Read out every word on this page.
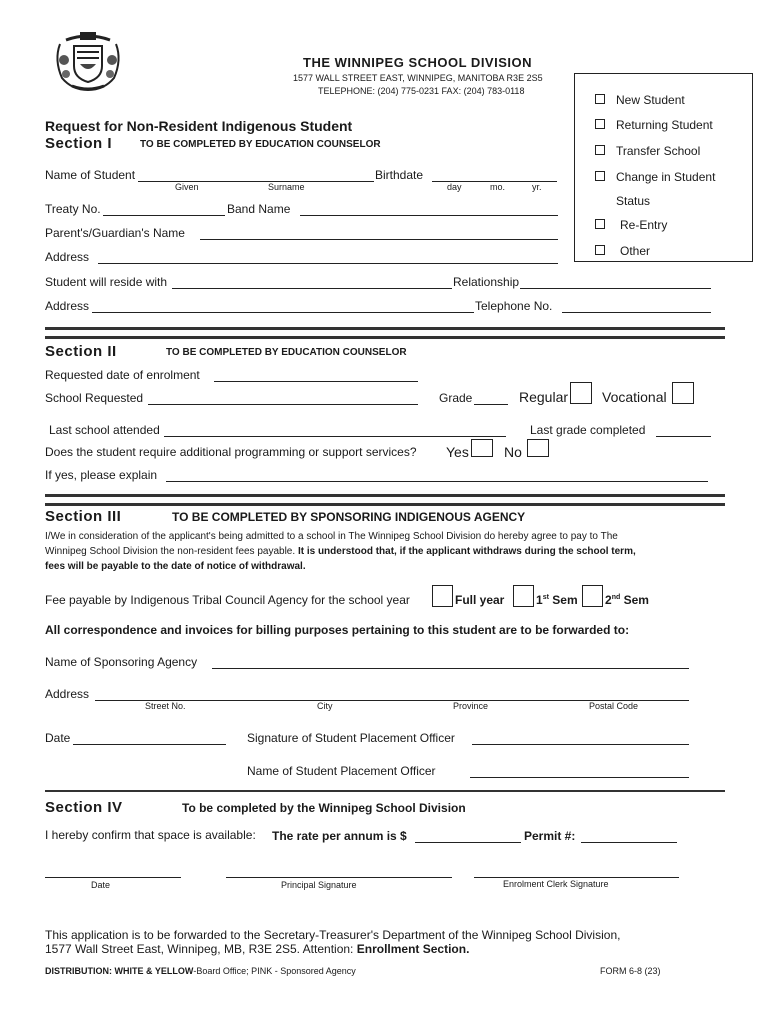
THE WINNIPEG SCHOOL DIVISION
1577 WALL STREET EAST, WINNIPEG, MANITOBA R3E 2S5
TELEPHONE: (204) 775-0231 FAX: (204) 783-0118
New Student
Returning Student
Transfer School
Change in Student
Status
Re-Entry
Other
Request for Non-Resident Indigenous Student
Section I	TO BE COMPLETED BY EDUCATION COUNSELOR
Name of Student
Given	Surname
Birthdate
day	mo.	yr.
Treaty No.	Band Name
Parent's/Guardian's Name
Address
Student will reside with	Relationship
Address	Telephone No.
Section II	TO BE COMPLETED BY EDUCATION COUNSELOR
Requested date of enrolment
School Requested	Grade	Regular Vocational
Last school attended	Last grade completed
Does the student require additional programming or support services? Yes	No
If yes, please explain
Section III	TO BE COMPLETED BY SPONSORING INDIGENOUS AGENCY
I/We in consideration of the applicant's being admitted to a school in The Winnipeg School Division do hereby agree to pay to The
Winnipeg School Division the non-resident fees payable. It is understood that, if the applicant withdraws during the school term,
fees will be payable to the date of notice of withdrawal.
Fee payable by Indigenous Tribal Council Agency for the school year	Full year	1st Sem 2nd Sem
All correspondence and invoices for billing purposes pertaining to this student are to be forwarded to:
Name of Sponsoring Agency
Address
Street No.	City	Province	Postal Code
Date	Signature of Student Placement Officer
Name of Student Placement Officer
Section IV	To be completed by the Winnipeg School Division
I hereby confirm that space is available: The rate per annum is $	Permit #:
Date	Principal Signature	Enrolment Clerk Signature
This application is to be forwarded to the Secretary-Treasurer's Department of the Winnipeg School Division,
1577 Wall Street East, Winnipeg, MB, R3E 2S5. Attention: Enrollment Section.
DISTRIBUTION: WHITE & YELLOW-Board Office; PINK - Sponsored Agency	FORM 6-8 (23)
